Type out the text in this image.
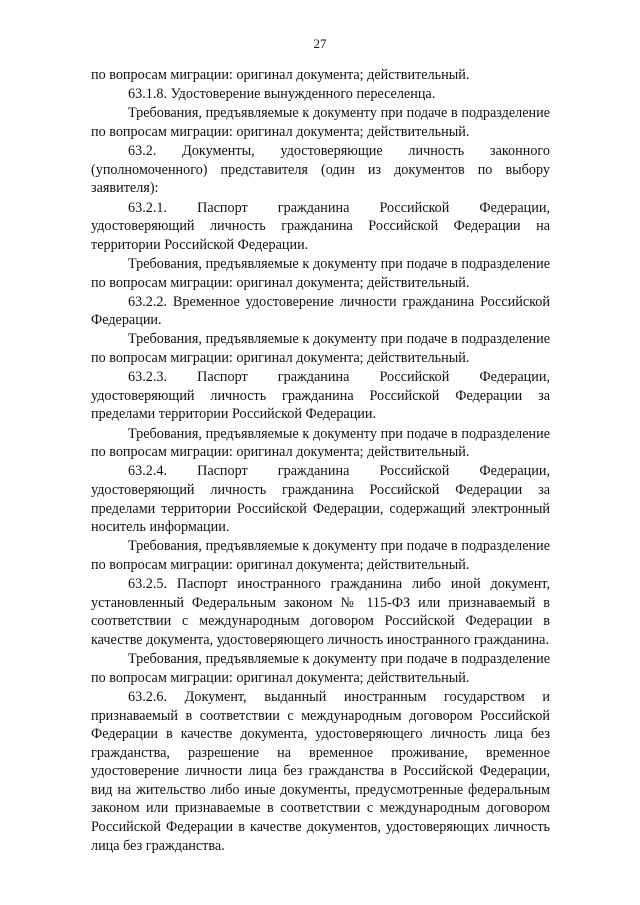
27

по вопросам миграции: оригинал документа; действительный.

63.1.8. Удостоверение вынужденного переселенца.

Требования, предъявляемые к документу при подаче в подразделение по вопросам миграции: оригинал документа; действительный.

63.2. Документы, удостоверяющие личность законного (уполномоченного) представителя (один из документов по выбору заявителя):

63.2.1. Паспорт гражданина Российской Федерации, удостоверяющий личность гражданина Российской Федерации на территории Российской Федерации.

Требования, предъявляемые к документу при подаче в подразделение по вопросам миграции: оригинал документа; действительный.

63.2.2. Временное удостоверение личности гражданина Российской Федерации.

Требования, предъявляемые к документу при подаче в подразделение по вопросам миграции: оригинал документа; действительный.

63.2.3. Паспорт гражданина Российской Федерации, удостоверяющий личность гражданина Российской Федерации за пределами территории Российской Федерации.

Требования, предъявляемые к документу при подаче в подразделение по вопросам миграции: оригинал документа; действительный.

63.2.4. Паспорт гражданина Российской Федерации, удостоверяющий личность гражданина Российской Федерации за пределами территории Российской Федерации, содержащий электронный носитель информации.

Требования, предъявляемые к документу при подаче в подразделение по вопросам миграции: оригинал документа; действительный.

63.2.5. Паспорт иностранного гражданина либо иной документ, установленный Федеральным законом № 115-ФЗ или признаваемый в соответствии с международным договором Российской Федерации в качестве документа, удостоверяющего личность иностранного гражданина.

Требования, предъявляемые к документу при подаче в подразделение по вопросам миграции: оригинал документа; действительный.

63.2.6. Документ, выданный иностранным государством и признаваемый в соответствии с международным договором Российской Федерации в качестве документа, удостоверяющего личность лица без гражданства, разрешение на временное проживание, временное удостоверение личности лица без гражданства в Российской Федерации, вид на жительство либо иные документы, предусмотренные федеральным законом или признаваемые в соответствии с международным договором Российской Федерации в качестве документов, удостоверяющих личность лица без гражданства.
